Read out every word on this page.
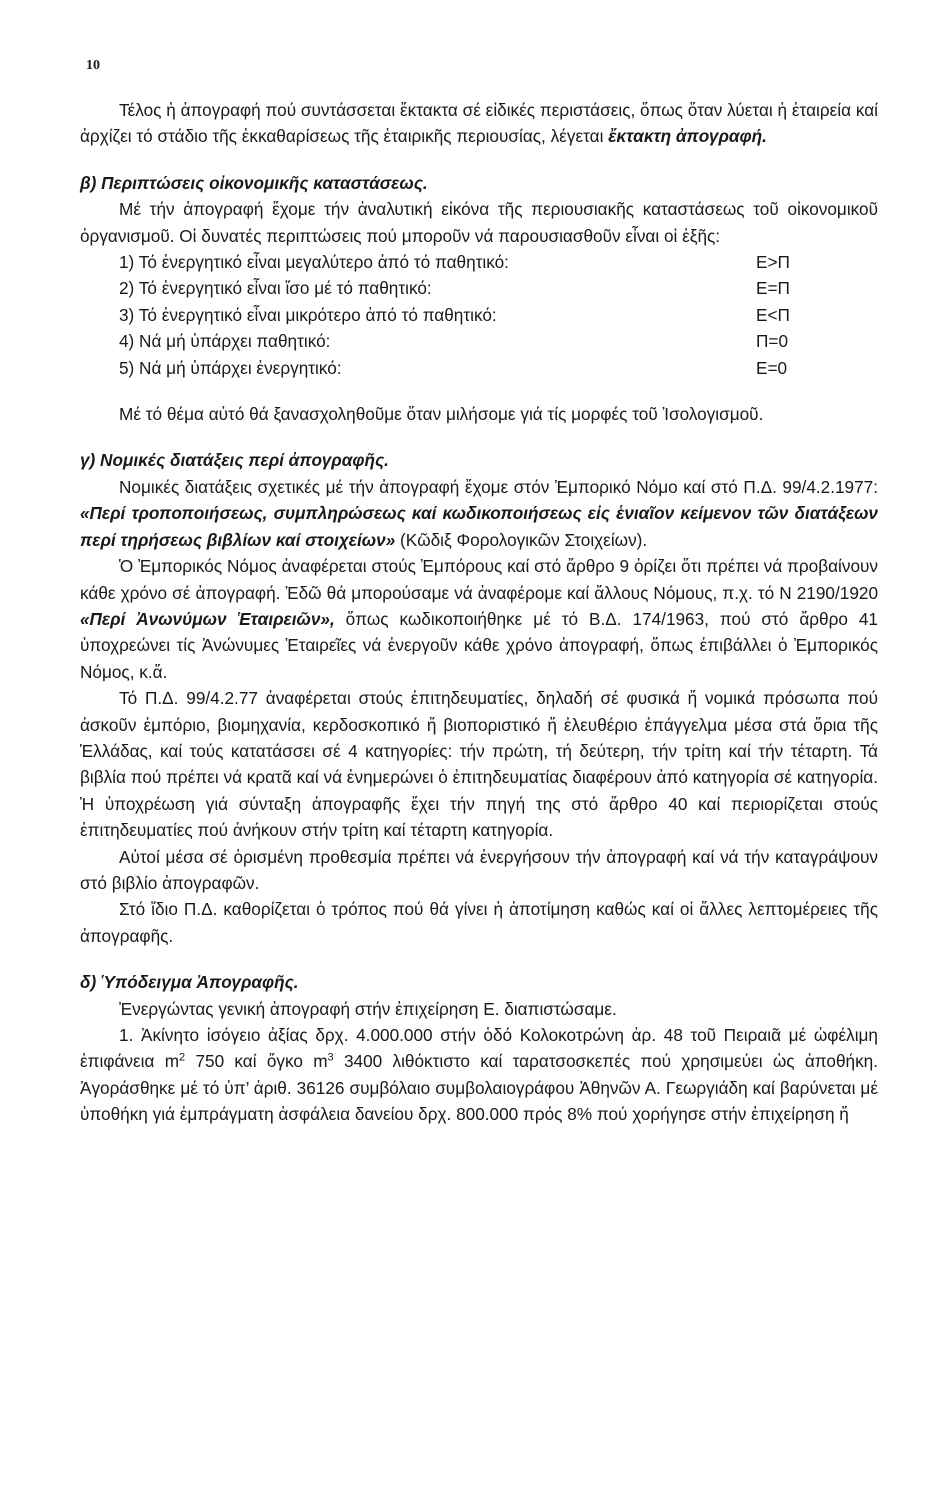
10

Τέλος ἡ ἀπογραφή πού συντάσσεται ἔκτακτα σέ εἰδικές περιστάσεις, ὅπως ὅταν λύεται ἡ ἑταιρεία καί ἀρχίζει τό στάδιο τῆς ἐκκαθαρίσεως τῆς ἑταιρικῆς περιουσίας, λέγεται ἔκτακτη ἀπογραφή.

β) Περιπτώσεις οἰκονομικῆς καταστάσεως.

Μέ τήν ἀπογραφή ἔχομε τήν ἀναλυτική εἰκόνα τῆς περιουσιακῆς καταστάσεως τοῦ οἰκονομικοῦ ὀργανισμοῦ. Οἱ δυνατές περιπτώσεις πού μποροῦν νά παρουσιασθοῦν εἶναι οἱ ἑξῆς:

1) Τό ἐνεργητικό εἶναι μεγαλύτερο ἀπό τό παθητικό:	Ε>Π
2) Τό ἐνεργητικό εἶναι ἴσο μέ τό παθητικό:	Ε=Π
3) Τό ἐνεργητικό εἶναι μικρότερο ἀπό τό παθητικό:	Ε<Π
4) Νά μή ὑπάρχει παθητικό:	Π=0
5) Νά μή ὑπάρχει ἐνεργητικό:	Ε=0

Μέ τό θέμα αὐτό θά ξανασχοληθοῦμε ὅταν μιλήσομε γιά τίς μορφές τοῦ Ἰσολογισμοῦ.

γ) Νομικές διατάξεις περί ἀπογραφῆς.

Νομικές διατάξεις σχετικές μέ τήν ἀπογραφή ἔχομε στόν Ἐμπορικό Νόμο καί στό Π.Δ. 99/4.2.1977: «Περί τροποποιήσεως, συμπληρώσεως καί κωδικοποιήσεως εἰς ἑνιαῖον κείμενον τῶν διατάξεων περί τηρήσεως βιβλίων καί στοιχείων» (Κῶδιξ Φορολογικῶν Στοιχείων).

Ὁ Ἐμπορικός Νόμος ἀναφέρεται στούς Ἐμπόρους καί στό ἄρθρο 9 ὁρίζει ὅτι πρέπει νά προβαίνουν κάθε χρόνο σέ ἀπογραφή. Ἐδῶ θά μπορούσαμε νά ἀναφέρομε καί ἄλλους Νόμους, π.χ. τό Ν 2190/1920 «Περί Ἀνωνύμων Ἑταιρειῶν», ὅπως κωδικοποιήθηκε μέ τό Β.Δ. 174/1963, πού στό ἄρθρο 41 ὑποχρεώνει τίς Ἀνώνυμες Ἑταιρεῖες νά ἐνεργοῦν κάθε χρόνο ἀπογραφή, ὅπως ἐπιβάλλει ὁ Ἐμπορικός Νόμος, κ.ἄ.

Τό Π.Δ. 99/4.2.77 ἀναφέρεται στούς ἐπιτηδευματίες, δηλαδή σέ φυσικά ἤ νομικά πρόσωπα πού ἀσκοῦν ἐμπόριο, βιομηχανία, κερδοσκοπικό ἤ βιοποριστικό ἤ ἐλευθέριο ἐπάγγελμα μέσα στά ὅρια τῆς Ἑλλάδας, καί τούς κατατάσσει σέ 4 κατηγορίες: τήν πρώτη, τή δεύτερη, τήν τρίτη καί τήν τέταρτη. Τά βιβλία πού πρέπει νά κρατᾶ καί νά ἐνημερώνει ὁ ἐπιτηδευματίας διαφέρουν ἀπό κατηγορία σέ κατηγορία. Ἡ ὑποχρέωση γιά σύνταξη ἀπογραφῆς ἔχει τήν πηγή της στό ἄρθρο 40 καί περιορίζεται στούς ἐπιτηδευματίες πού ἀνήκουν στήν τρίτη καί τέταρτη κατηγορία.

Αὐτοί μέσα σέ ὁρισμένη προθεσμία πρέπει νά ἐνεργήσουν τήν ἀπογραφή καί νά τήν καταγράψουν στό βιβλίο ἀπογραφῶν.

Στό ἴδιο Π.Δ. καθορίζεται ὁ τρόπος πού θά γίνει ἡ ἀποτίμηση καθώς καί οἱ ἄλλες λεπτομέρειες τῆς ἀπογραφῆς.

δ) Ὑπόδειγμα Ἀπογραφῆς.

Ἐνεργώντας γενική ἀπογραφή στήν ἐπιχείρηση Ε. διαπιστώσαμε.

1. Ἀκίνητο ἰσόγειο ἀξίας δρχ. 4.000.000 στήν ὁδό Κολοκοτρώνη ἀρ. 48 τοῦ Πειραιᾶ μέ ὠφέλιμη ἐπιφάνεια $m^2$ 750 καί ὄγκο $m^3$ 3400 λιθόκτιστο καί ταρατσοσκεπές πού χρησιμεύει ὡς ἀποθήκη. Ἀγοράσθηκε μέ τό ὑπ’ ἀριθ. 36126 συμβόλαιο συμβολαιογράφου Ἀθηνῶν Α. Γεωργιάδη καί βαρύνεται μέ ὑποθήκη γιά ἐμπράγματη ἀσφάλεια δανείου δρχ. 800.000 πρός 8% πού χορήγησε στήν ἐπιχείρηση ἤ
